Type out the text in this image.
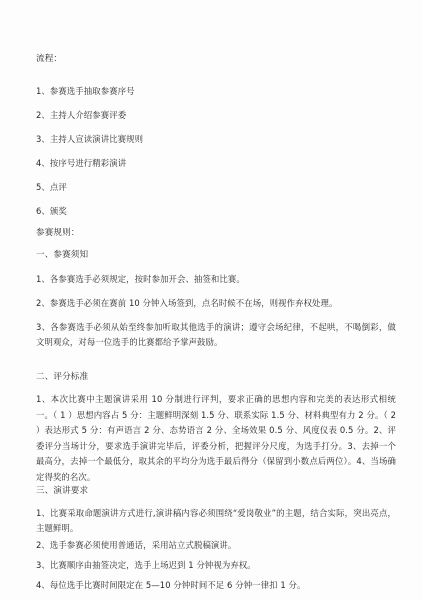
流程：
1、参赛选手抽取参赛序号
2、主持人介绍参赛评委
3、主持人宣读演讲比赛规则
4、按序号进行精彩演讲
5、点评
6、颁奖
参赛规则：
一、参赛须知
1、各参赛选手必须规定，按时参加开会、抽签和比赛。
2、参赛选手必须在赛前 10 分钟入场签到，点名时候不在场，则视作弃权处理。
3、各参赛选手必须从始至终参加听取其他选手的演讲；遵守会场纪律，不起哄，不喝倒彩，做文明观众，对每一位选手的比赛都给予掌声鼓励。
二、评分标准
1、本次比赛中主题演讲采用 10 分制进行评判，要求正确的思想内容和完美的表达形式相统一。（ 1 ）思想内容占 5 分：主题鲜明深刻 1.5 分、联系实际 1.5 分、材料典型有力 2 分。（ 2 ）表达形式 5 分：有声语言 2 分、态势语言 2 分、全场效果 0.5 分、风度仪表 0.5 分。2、评委评分当场计分，要求选手演讲完毕后，评委分析，把握评分尺度，为选手打分。3、去掉一个最高分，去掉一个最低分，取其余的平均分为选手最后得分（保留到小数点后两位）。4、当场确定得奖的名次。
三、演讲要求
1、比赛采取命题演讲方式进行,演讲稿内容必须围绕“爱岗敬业”的主题，结合实际，突出亮点，主题鲜明。
2、选手参赛必须使用普通话，采用站立式脱稿演讲。
3、比赛顺序由抽签决定，选手上场迟到 1 分钟视为弃权。
4、每位选手比赛时间限定在 5—10 分钟时间不足 6 分钟一律扣 1 分。
